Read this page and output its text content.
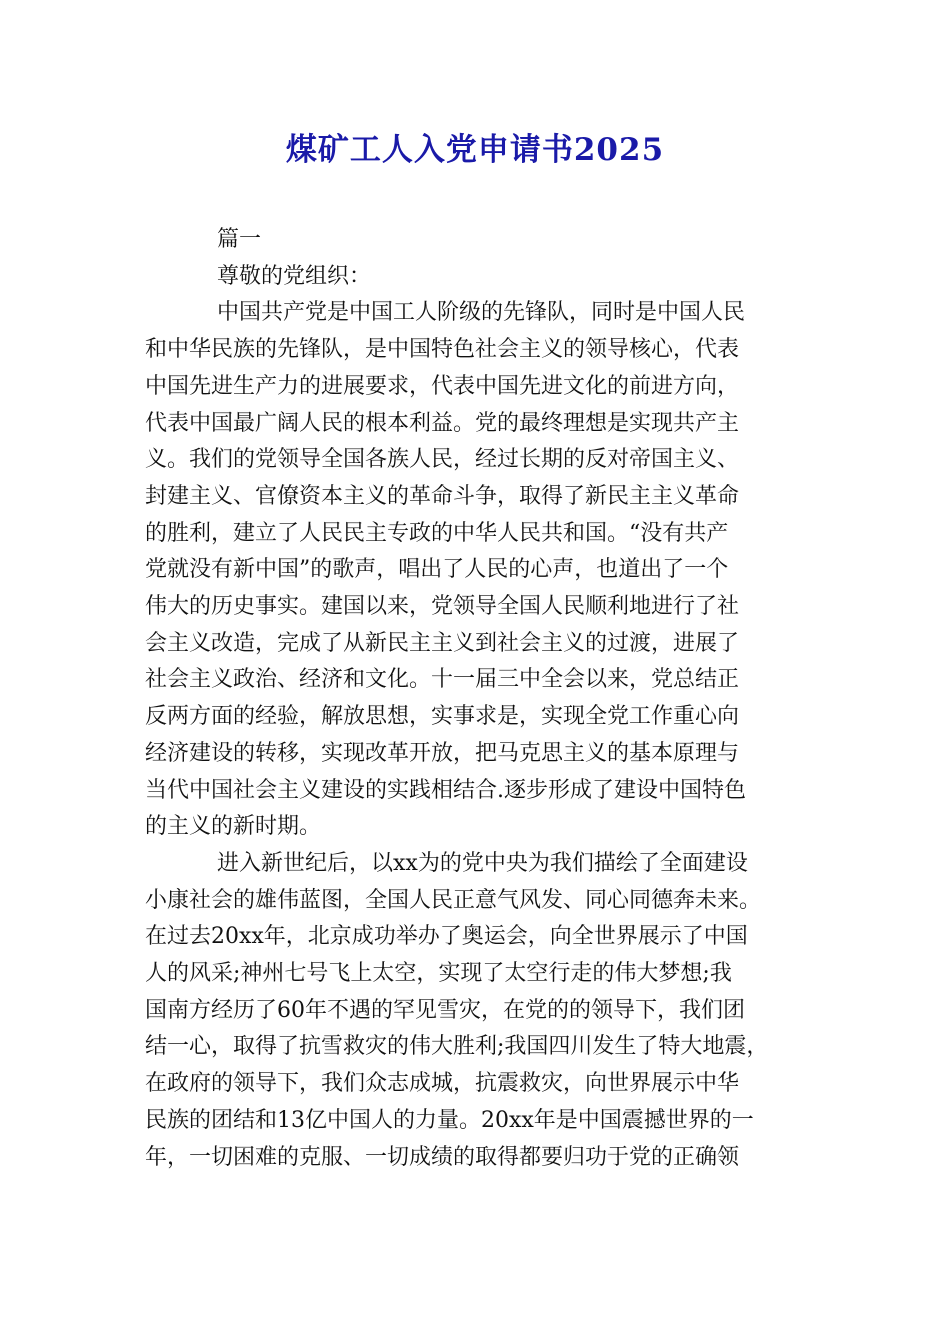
煤矿工人入党申请书2025

篇一

尊敬的党组织：

中国共产党是中国工人阶级的先锋队，同时是中国人民
和中华民族的先锋队，是中国特色社会主义的领导核心，代表
中国先进生产力的进展要求，代表中国先进文化的前进方向，
代表中国最广阔人民的根本利益。党的最终理想是实现共产主
义。我们的党领导全国各族人民，经过长期的反对帝国主义、
封建主义、官僚资本主义的革命斗争，取得了新民主主义革命
的胜利，建立了人民民主专政的中华人民共和国。“没有共产
党就没有新中国”的歌声，唱出了人民的心声，也道出了一个
伟大的历史事实。建国以来，党领导全国人民顺利地进行了社
会主义改造，完成了从新民主主义到社会主义的过渡，进展了
社会主义政治、经济和文化。十一届三中全会以来，党总结正
反两方面的经验，解放思想，实事求是，实现全党工作重心向
经济建设的转移，实现改革开放，把马克思主义的基本原理与
当代中国社会主义建设的实践相结合.逐步形成了建设中国特色
的主义的新时期。

进入新世纪后，以xx为的党中央为我们描绘了全面建设
小康社会的雄伟蓝图，全国人民正意气风发、同心同德奔未来。
在过去20xx年，北京成功举办了奥运会，向全世界展示了中国
人的风采;神州七号飞上太空，实现了太空行走的伟大梦想;我
国南方经历了60年不遇的罕见雪灾，在党的的领导下，我们团
结一心，取得了抗雪救灾的伟大胜利;我国四川发生了特大地震，
在政府的领导下，我们众志成城，抗震救灾，向世界展示中华
民族的团结和13亿中国人的力量。20xx年是中国震撼世界的一
年，一切困难的克服、一切成绩的取得都要归功于党的正确领
